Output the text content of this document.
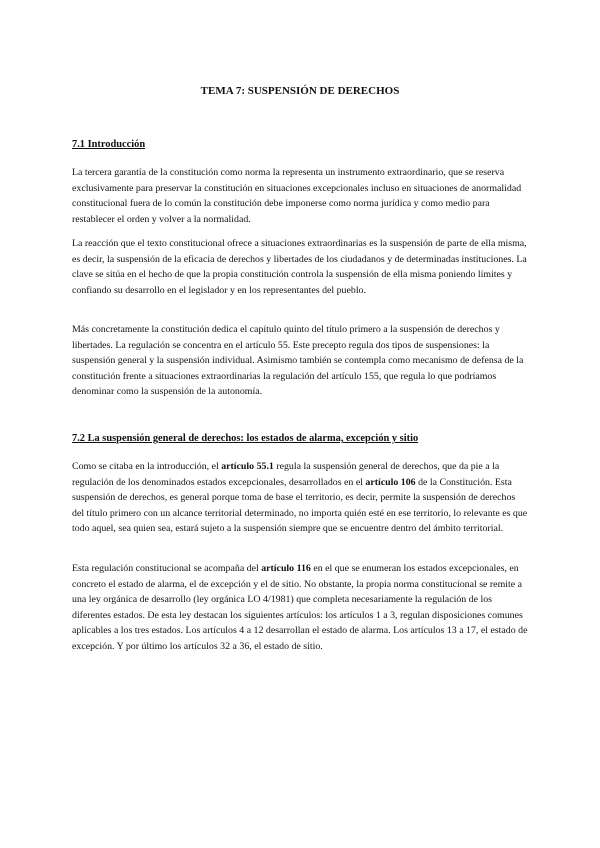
TEMA 7: SUSPENSIÓN DE DERECHOS
7.1 Introducción

La tercera garantía de la constitución como norma la representa un instrumento extraordinario, que se reserva exclusivamente para preservar la constitución en situaciones excepcionales incluso en situaciones de anormalidad constitucional fuera de lo común la constitución debe imponerse como norma jurídica y como medio para restablecer el orden y volver a la normalidad.

La reacción que el texto constitucional ofrece a situaciones extraordinarias es la suspensión de parte de ella misma, es decir, la suspensión de la eficacia de derechos y libertades de los ciudadanos y de determinadas instituciones. La clave se sitúa en el hecho de que la propia constitución controla la suspensión de ella misma poniendo límites y confiando su desarrollo en el legislador y en los representantes del pueblo.

Más concretamente la constitución dedica el capítulo quinto del título primero a la suspensión de derechos y libertades. La regulación se concentra en el artículo 55. Este precepto regula dos tipos de suspensiones: la suspensión general y la suspensión individual. Asimismo también se contempla como mecanismo de defensa de la constitución frente a situaciones extraordinarias la regulación del artículo 155, que regula lo que podríamos denominar como la suspensión de la autonomía.

7.2 La suspensión general de derechos: los estados de alarma, excepción y sitio

Como se citaba en la introducción, el artículo 55.1 regula la suspensión general de derechos, que da pie a la regulación de los denominados estados excepcionales, desarrollados en el artículo 106 de la Constitución. Esta suspensión de derechos, es general porque toma de base el territorio, es decir, permite la suspensión de derechos del título primero con un alcance territorial determinado, no importa quién esté en ese territorio, lo relevante es que todo aquel, sea quien sea, estará sujeto a la suspensión siempre que se encuentre dentro del ámbito territorial.

Esta regulación constitucional se acompaña del artículo 116 en el que se enumeran los estados excepcionales, en concreto el estado de alarma, el de excepción y el de sitio. No obstante, la propia norma constitucional se remite a una ley orgánica de desarrollo (ley orgánica LO 4/1981) que completa necesariamente la regulación de los diferentes estados. De esta ley destacan los siguientes artículos: los artículos 1 a 3, regulan disposiciones comunes aplicables a los tres estados. Los artículos 4 a 12 desarrollan el estado de alarma. Los artículos 13 a 17, el estado de excepción. Y por último los artículos 32 a 36, el estado de sitio.
